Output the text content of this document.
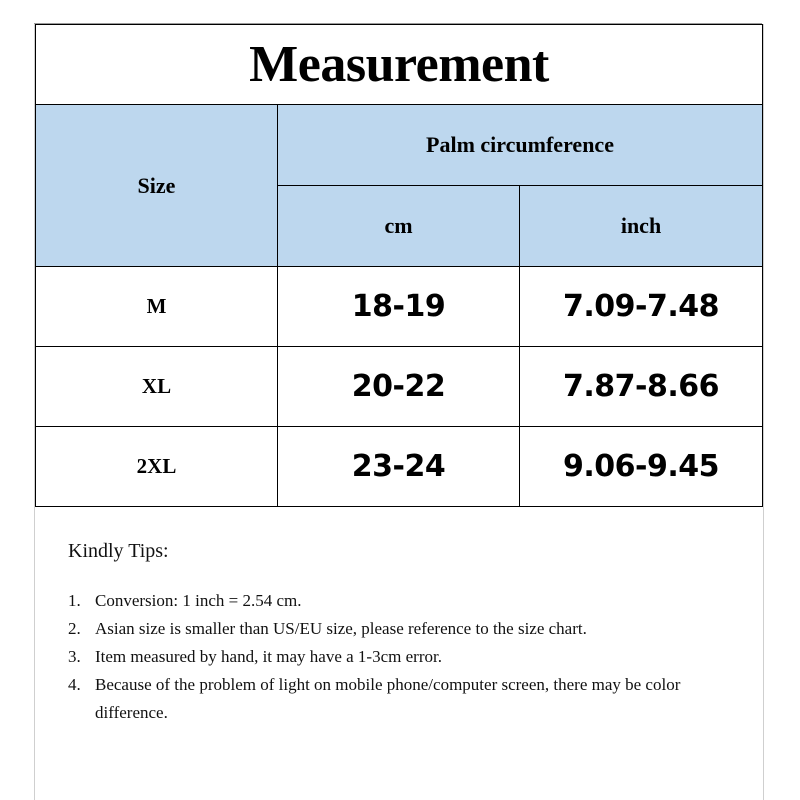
Measurement		
Size	Palm circumference	
	cm	inch
M	18-19	7.09-7.48
XL	20-22	7.87-8.66
2XL	23-24	9.06-9.45
Kindly Tips:
1. Conversion: 1 inch = 2.54 cm.
2. Asian size is smaller than US/EU size, please reference to the size chart.
3. Item measured by hand, it may have a 1-3cm error.
4. Because of the problem of light on mobile phone/computer screen, there may be color difference.
